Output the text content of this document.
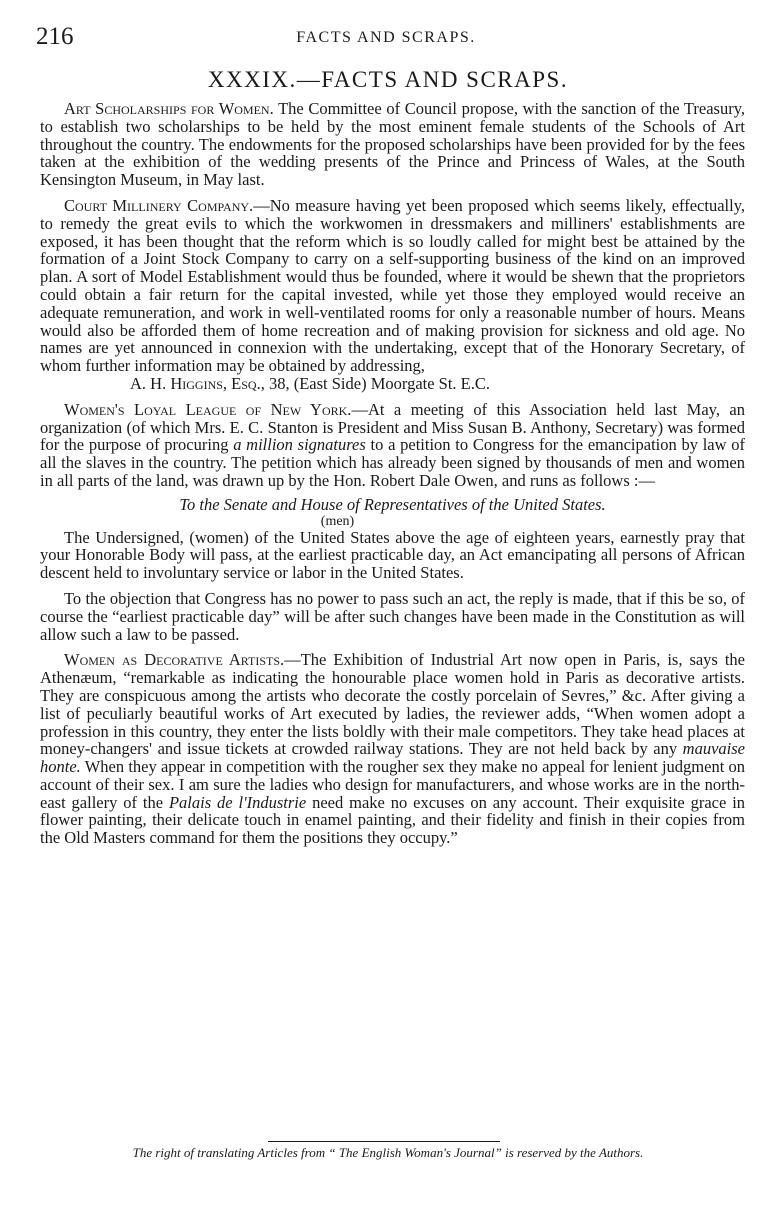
216	FACTS AND SCRAPS.
XXXIX.—FACTS AND SCRAPS.

Art Scholarships for Women. The Committee of Council propose, with the sanction of the Treasury, to establish two scholarships to be held by the most eminent female students of the Schools of Art throughout the country. The endowments for the proposed scholarships have been provided for by the fees taken at the exhibition of the wedding presents of the Prince and Princess of Wales, at the South Kensington Museum, in May last.

Court Millinery Company.—No measure having yet been proposed which seems likely, effectually, to remedy the great evils to which the workwomen in dressmakers and milliners' establishments are exposed, it has been thought that the reform which is so loudly called for might best be attained by the formation of a Joint Stock Company to carry on a self-supporting business of the kind on an improved plan. A sort of Model Establishment would thus be founded, where it would be shewn that the proprietors could obtain a fair return for the capital invested, while yet those they employed would receive an adequate remuneration, and work in well-ventilated rooms for only a reasonable number of hours. Means would also be afforded them of home recreation and of making provision for sickness and old age. No names are yet announced in connexion with the undertaking, except that of the Honorary Secretary, of whom further information may be obtained by addressing,

A. H. Higgins, Esq., 38, (East Side) Moorgate St. E.C.

Women's Loyal League of New York.—At a meeting of this Association held last May, an organization (of which Mrs. E. C. Stanton is President and Miss Susan B. Anthony, Secretary) was formed for the purpose of procuring a million signatures to a petition to Congress for the emancipation by law of all the slaves in the country. The petition which has already been signed by thousands of men and women in all parts of the land, was drawn up by the Hon. Robert Dale Owen, and runs as follows :—

To the Senate and House of Representatives of the United States.

(men)

The Undersigned, (women) of the United States above the age of eighteen years, earnestly pray that your Honorable Body will pass, at the earliest practicable day, an Act emancipating all persons of African descent held to involuntary service or labor in the United States.

To the objection that Congress has no power to pass such an act, the reply is made, that if this be so, of course the “earliest practicable day” will be after such changes have been made in the Constitution as will allow such a law to be passed.

Women as Decorative Artists.—The Exhibition of Industrial Art now open in Paris, is, says the Athenæum, “remarkable as indicating the honourable place women hold in Paris as decorative artists. They are conspicuous among the artists who decorate the costly porcelain of Sevres,” &c. After giving a list of peculiarly beautiful works of Art executed by ladies, the reviewer adds, “When women adopt a profession in this country, they enter the lists boldly with their male competitors. They take head places at money-changers' and issue tickets at crowded railway stations. They are not held back by any mauvaise honte. When they appear in competition with the rougher sex they make no appeal for lenient judgment on account of their sex. I am sure the ladies who design for manufacturers, and whose works are in the north-east gallery of the Palais de l'Industrie need make no excuses on any account. Their exquisite grace in flower painting, their delicate touch in enamel painting, and their fidelity and finish in their copies from the Old Masters command for them the positions they occupy.”

The right of translating Articles from “ The English Woman's Journal” is reserved by the Authors.
